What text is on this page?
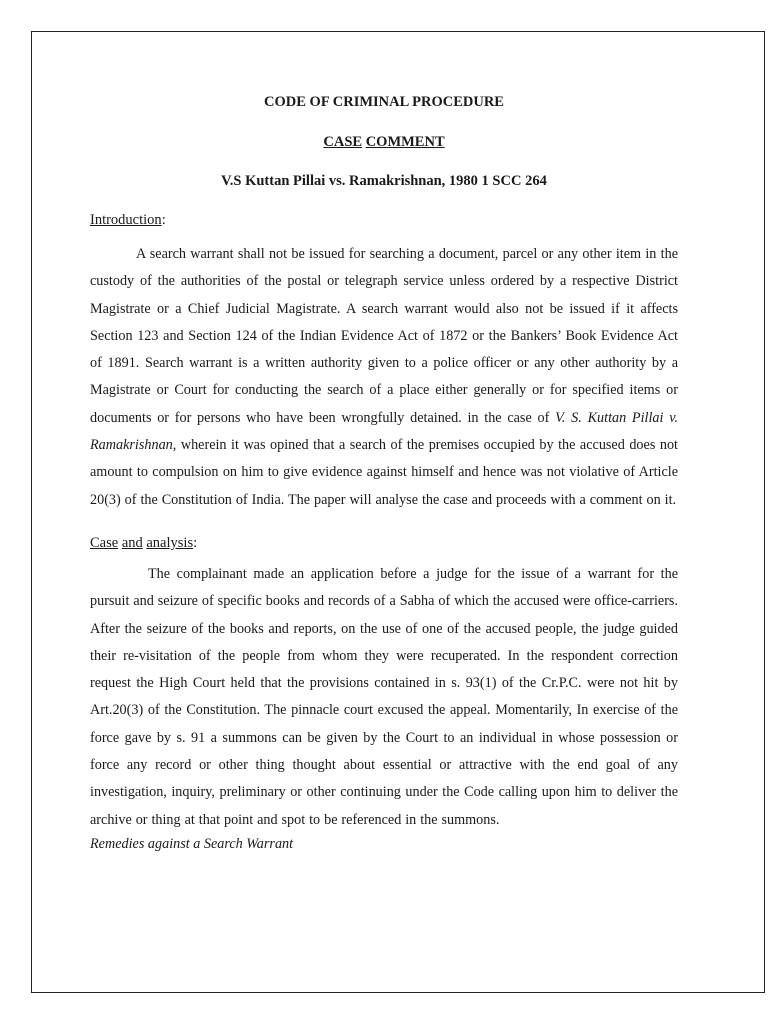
CODE OF CRIMINAL PROCEDURE

CASE COMMENT

V.S Kuttan Pillai vs. Ramakrishnan, 1980 1 SCC 264

Introduction:

A search warrant shall not be issued for searching a document, parcel or any other item in the custody of the authorities of the postal or telegraph service unless ordered by a respective District Magistrate or a Chief Judicial Magistrate. A search warrant would also not be issued if it affects Section 123 and Section 124 of the Indian Evidence Act of 1872 or the Bankers’ Book Evidence Act of 1891. Search warrant is a written authority given to a police officer or any other authority by a Magistrate or Court for conducting the search of a place either generally or for specified items or documents or for persons who have been wrongfully detained. in the case of V. S. Kuttan Pillai v. Ramakrishnan, wherein it was opined that a search of the premises occupied by the accused does not amount to compulsion on him to give evidence against himself and hence was not violative of Article 20(3) of the Constitution of India. The paper will analyse the case and proceeds with a comment on it.

Case and analysis:

The complainant made an application before a judge for the issue of a warrant for the pursuit and seizure of specific books and records of a Sabha of which the accused were office-carriers. After the seizure of the books and reports, on the use of one of the accused people, the judge guided their re-visitation of the people from whom they were recuperated. In the respondent correction request the High Court held that the provisions contained in s. 93(1) of the Cr.P.C. were not hit by Art.20(3) of the Constitution. The pinnacle court excused the appeal. Momentarily, In exercise of the force gave by s. 91 a summons can be given by the Court to an individual in whose possession or force any record or other thing thought about essential or attractive with the end goal of any investigation, inquiry, preliminary or other continuing under the Code calling upon him to deliver the archive or thing at that point and spot to be referenced in the summons.

Remedies against a Search Warrant
